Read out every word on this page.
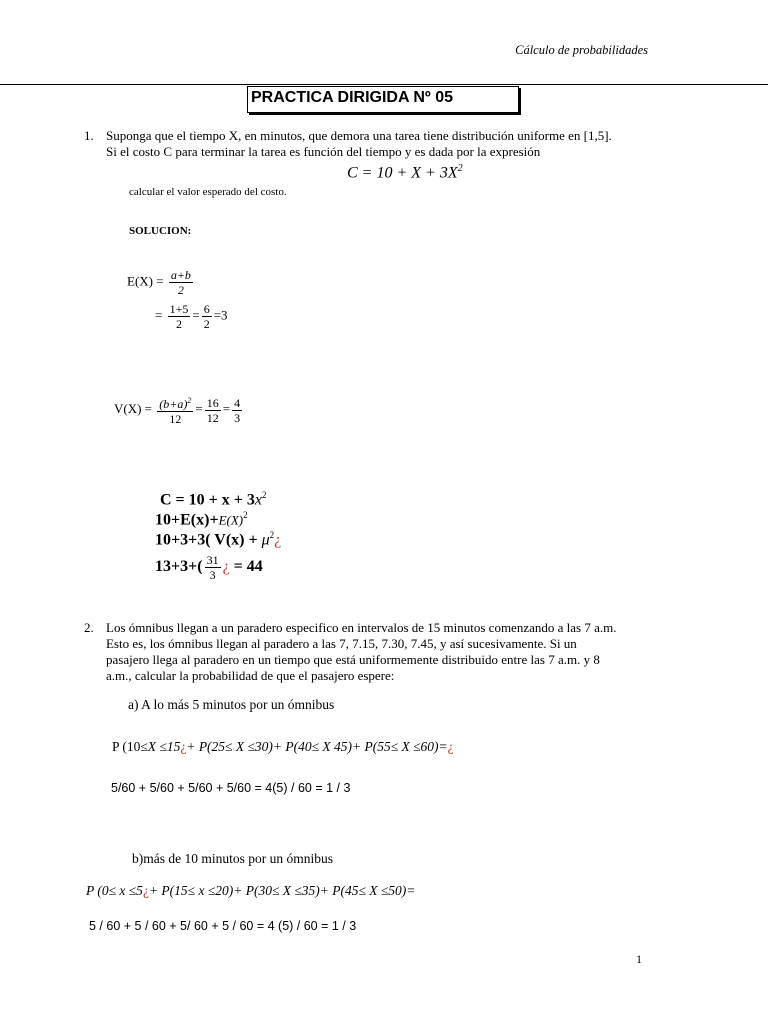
Cálculo de probabilidades
PRACTICA DIRIGIDA Nº 05
1. Suponga que el tiempo X, en minutos, que demora una tarea tiene distribución uniforme en [1,5].
Si el costo C para terminar la tarea es función del tiempo y es dada por la expresión
$C = 10 + X + 3X^2$
calcular el valor esperado del costo.
SOLUCION:
$E(X) = \frac{a+b}{2}$
= $\frac{1+5}{2} = \frac{6}{2} =3$
$V(X) = \frac{(b+a)^2}{12} = \frac{16}{12} = \frac{4}{3}$
$C = 10 + x + 3x^2$
$10+E(x)+E(X)^2$
10+3+3( $V(x) + \mu^2¿$
$13+3+( \frac{31}{3}$ ¿ = 44
2. Los ómnibus llegan a un paradero especifico en intervalos de 15 minutos comenzando a las 7 a.m.
Esto es, los ómnibus llegan al paradero a las 7, 7.15, 7.30, 7.45, y así sucesivamente. Si un
pasajero llega al paradero en un tiempo que está uniformemente distribuido entre las 7 a.m. y 8
a.m., calcular la probabilidad de que el pasajero espere:
a) A lo más 5 minutos por un ómnibus
P (10≤X ≤15¿+ P(25≤ X ≤30)+ P(40≤ X 45)+ P(55≤ X ≤60)=¿
5/60 + 5/60 + 5/60 + 5/60 = 4(5) / 60 = 1 / 3
b)más de 10 minutos por un ómnibus
P (0≤ x ≤5¿+ P(15≤ x ≤20)+ P(30≤ X ≤35)+ P(45≤ X ≤50)=
5 / 60 + 5 / 60 + 5/ 60 + 5 / 60 = 4 (5) / 60 = 1 / 3
1
